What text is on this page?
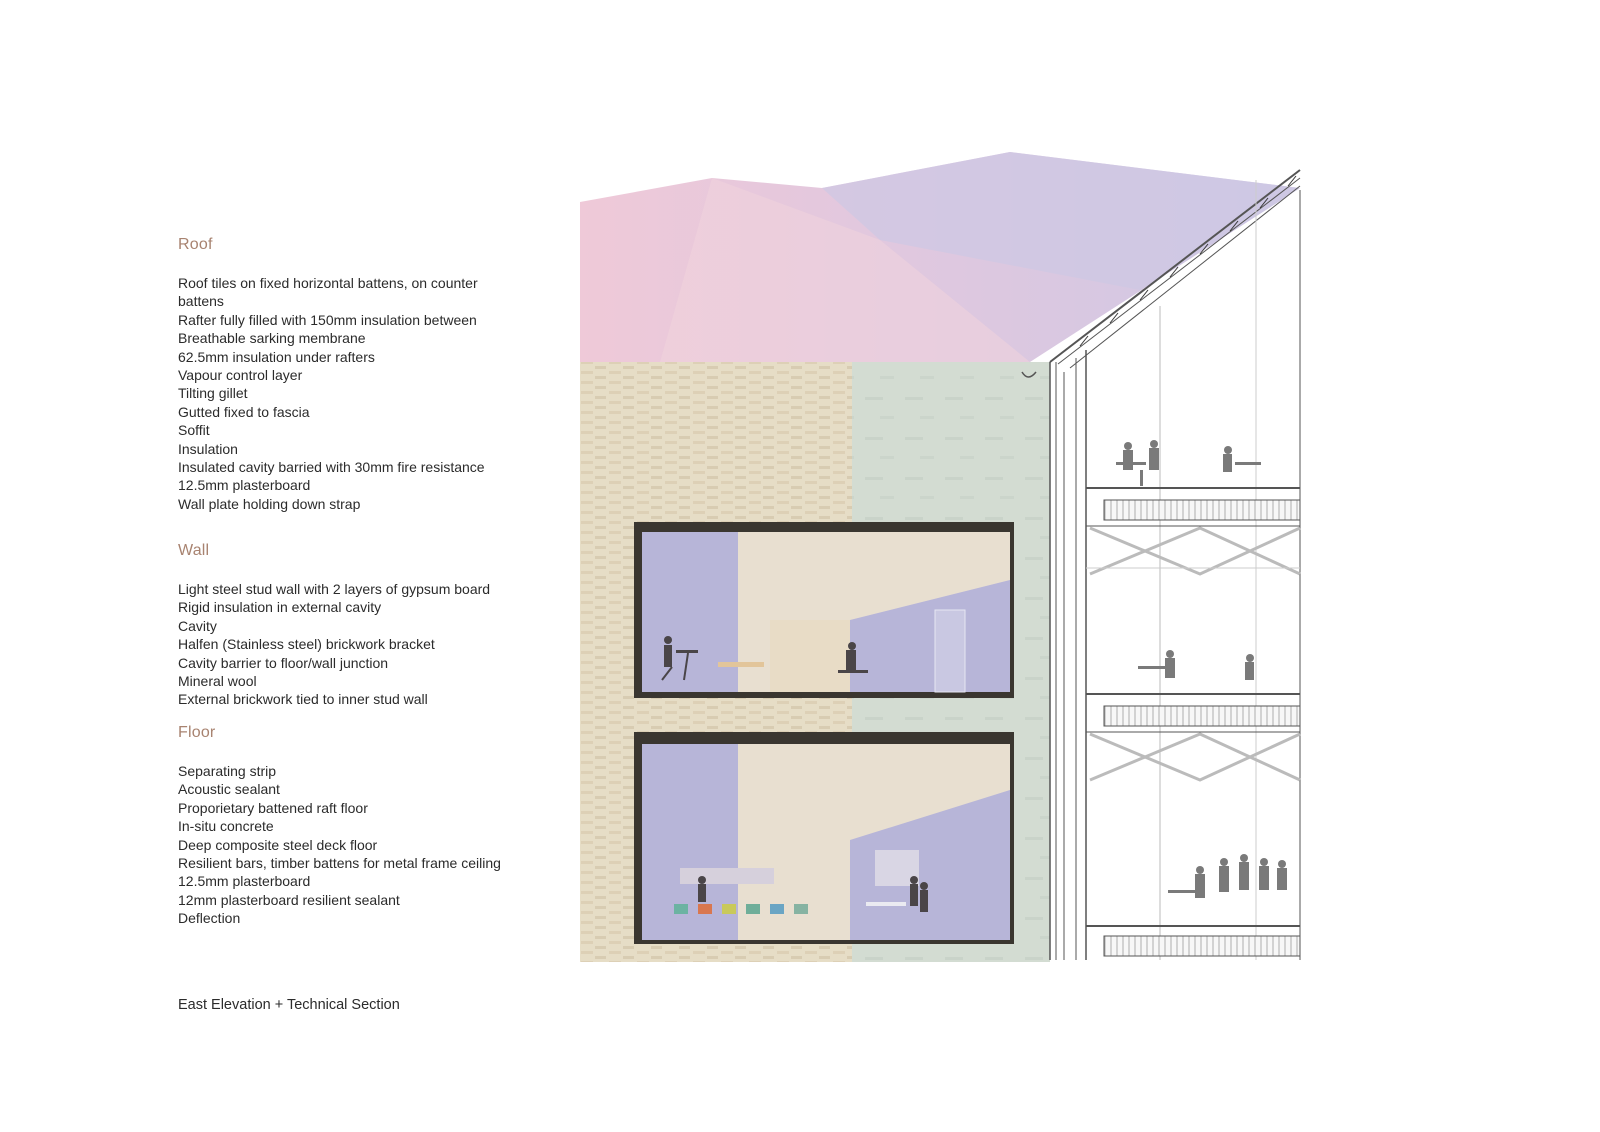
Roof
Roof tiles on fixed horizontal battens, on counter battens
Rafter fully filled with 150mm insulation between
Breathable sarking membrane
62.5mm insulation under rafters
Vapour control layer
Tilting gillet
Gutted fixed to fascia
Soffit
Insulation
Insulated cavity barried with 30mm fire resistance
12.5mm plasterboard
Wall plate holding down strap
Wall
Light steel stud wall with 2 layers of gypsum board
Rigid insulation in external cavity
Cavity
Halfen (Stainless steel) brickwork bracket
Cavity barrier to floor/wall junction
Mineral wool
External brickwork tied to inner stud wall
Floor
Separating strip
Acoustic sealant
Proporietary battened raft floor
In-situ concrete
Deep composite steel deck floor
Resilient bars, timber battens for metal frame ceiling
12.5mm plasterboard
12mm plasterboard resilient sealant
Deflection
East Elevation + Technical Section
